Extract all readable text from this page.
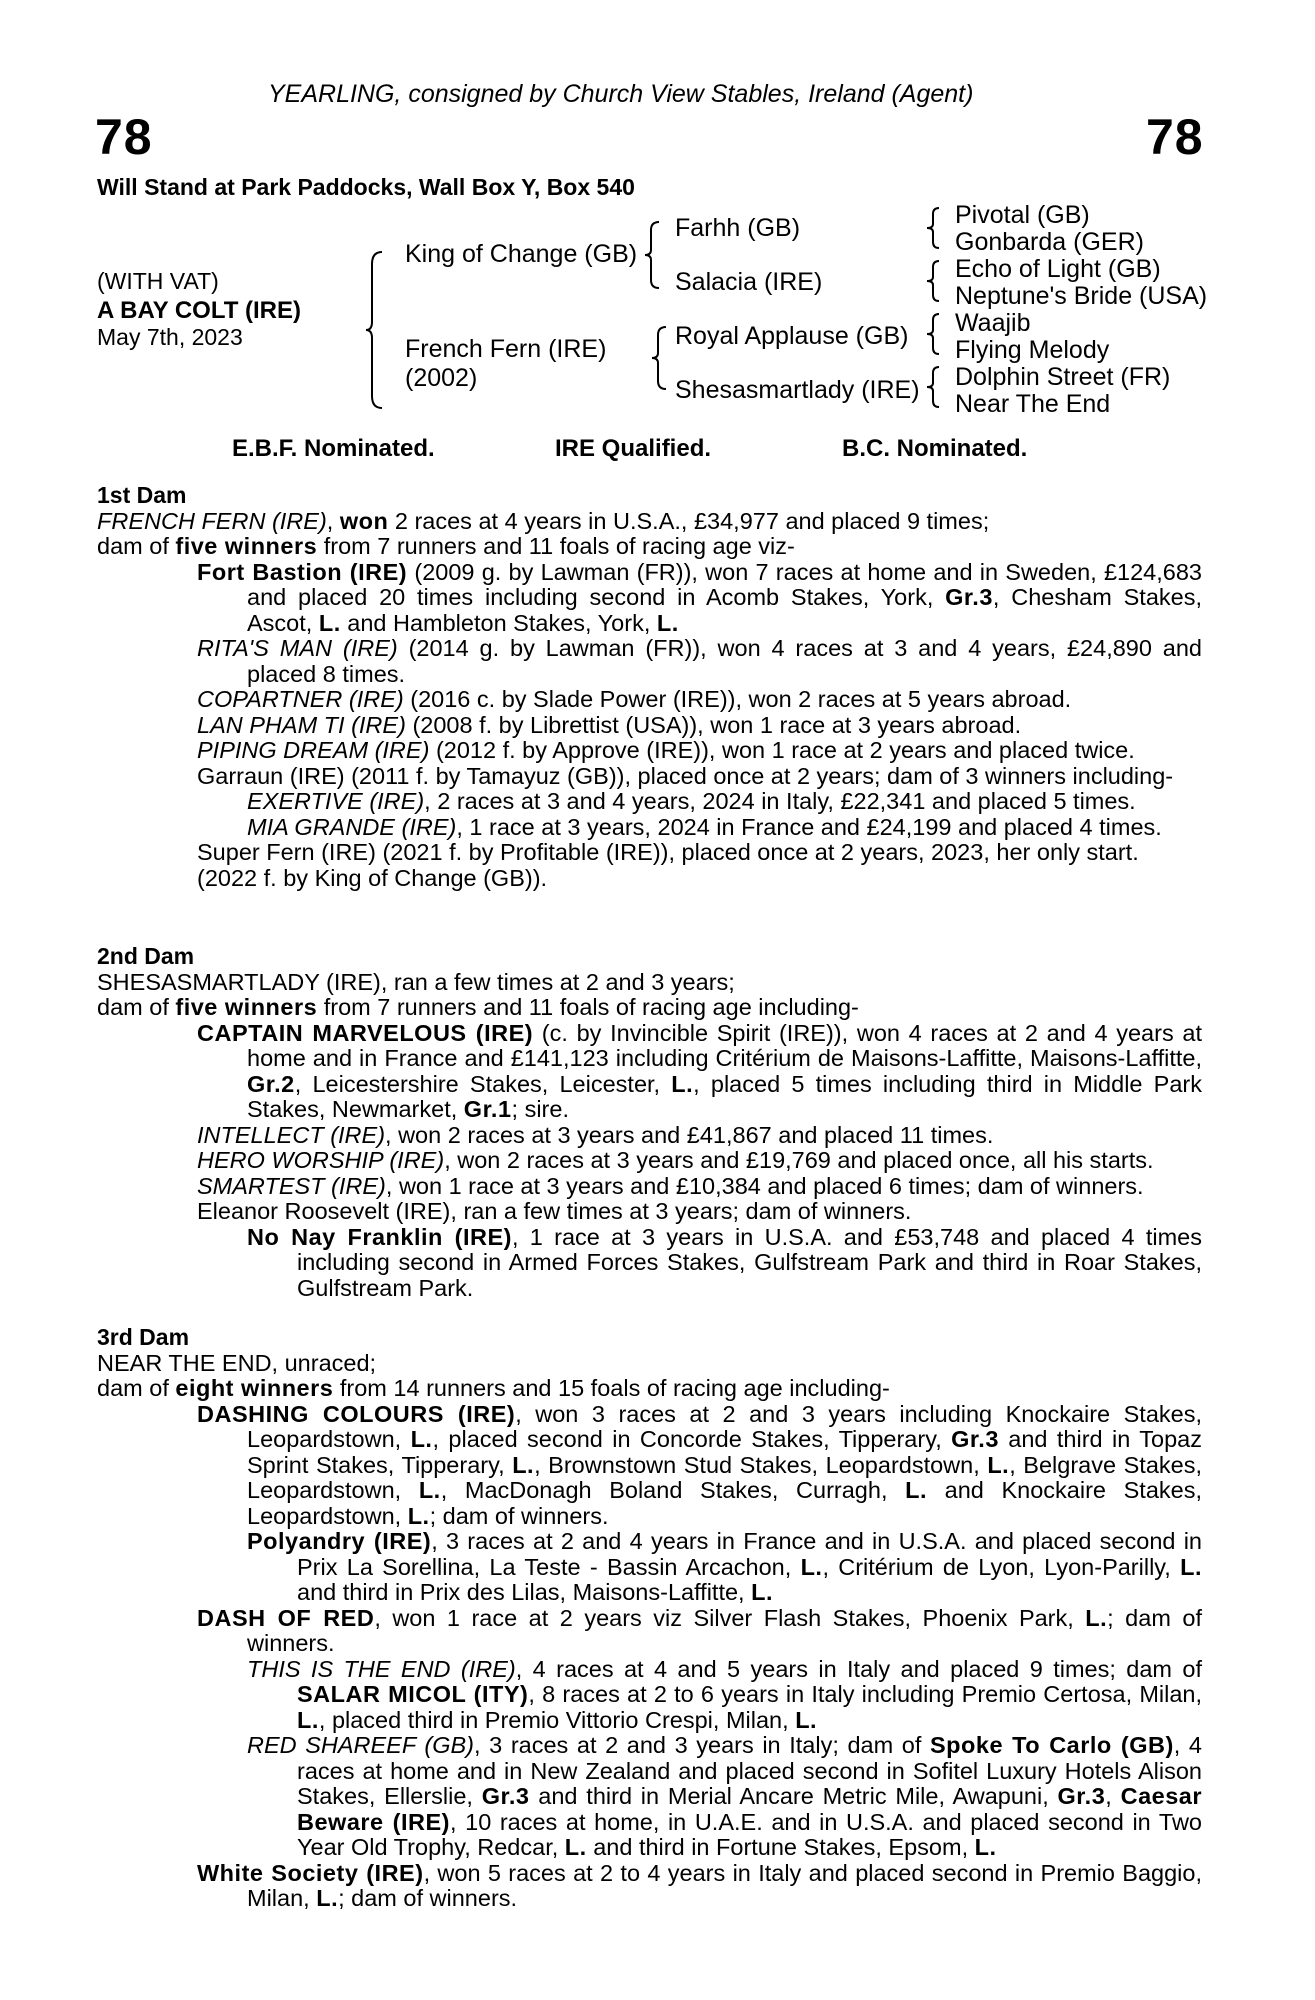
YEARLING, consigned by Church View Stables, Ireland (Agent)
78	78
Will Stand at Park Paddocks, Wall Box Y, Box 540
(WITH VAT)
A BAY COLT (IRE)
May 7th, 2023
King of Change (GB)
French Fern (IRE)
(2002)
Farhh (GB)
Salacia (IRE)
Royal Applause (GB)
Shesasmartlady (IRE)
Pivotal (GB)
Gonbarda (GER)
Echo of Light (GB)
Neptune's Bride (USA)
Waajib
Flying Melody
Dolphin Street (FR)
Near The End
E.B.F. Nominated.	IRE Qualified.	B.C. Nominated.

1st Dam

FRENCH FERN (IRE), won 2 races at 4 years in U.S.A., £34,977 and placed 9 times;

dam of five winners from 7 runners and 11 foals of racing age viz-

Fort Bastion (IRE) (2009 g. by Lawman (FR)), won 7 races at home and in Sweden, £124,683 and placed 20 times including second in Acomb Stakes, York, Gr.3, Chesham Stakes, Ascot, L. and Hambleton Stakes, York, L.

RITA'S MAN (IRE) (2014 g. by Lawman (FR)), won 4 races at 3 and 4 years, £24,890 and placed 8 times.

COPARTNER (IRE) (2016 c. by Slade Power (IRE)), won 2 races at 5 years abroad.

LAN PHAM TI (IRE) (2008 f. by Librettist (USA)), won 1 race at 3 years abroad.

PIPING DREAM (IRE) (2012 f. by Approve (IRE)), won 1 race at 2 years and placed twice.

Garraun (IRE) (2011 f. by Tamayuz (GB)), placed once at 2 years; dam of 3 winners including-

EXERTIVE (IRE), 2 races at 3 and 4 years, 2024 in Italy, £22,341 and placed 5 times.

MIA GRANDE (IRE), 1 race at 3 years, 2024 in France and £24,199 and placed 4 times.

Super Fern (IRE) (2021 f. by Profitable (IRE)), placed once at 2 years, 2023, her only start.

(2022 f. by King of Change (GB)).

2nd Dam

SHESASMARTLADY (IRE), ran a few times at 2 and 3 years;

dam of five winners from 7 runners and 11 foals of racing age including-

CAPTAIN MARVELOUS (IRE) (c. by Invincible Spirit (IRE)), won 4 races at 2 and 4 years at home and in France and £141,123 including Critérium de Maisons-Laffitte, Maisons-Laffitte, Gr.2, Leicestershire Stakes, Leicester, L., placed 5 times including third in Middle Park Stakes, Newmarket, Gr.1; sire.

INTELLECT (IRE), won 2 races at 3 years and £41,867 and placed 11 times.

HERO WORSHIP (IRE), won 2 races at 3 years and £19,769 and placed once, all his starts.

SMARTEST (IRE), won 1 race at 3 years and £10,384 and placed 6 times; dam of winners.

Eleanor Roosevelt (IRE), ran a few times at 3 years; dam of winners.

No Nay Franklin (IRE), 1 race at 3 years in U.S.A. and £53,748 and placed 4 times including second in Armed Forces Stakes, Gulfstream Park and third in Roar Stakes, Gulfstream Park.

3rd Dam

NEAR THE END, unraced;

dam of eight winners from 14 runners and 15 foals of racing age including-

DASHING COLOURS (IRE), won 3 races at 2 and 3 years including Knockaire Stakes, Leopardstown, L., placed second in Concorde Stakes, Tipperary, Gr.3 and third in Topaz Sprint Stakes, Tipperary, L., Brownstown Stud Stakes, Leopardstown, L., Belgrave Stakes, Leopardstown, L., MacDonagh Boland Stakes, Curragh, L. and Knockaire Stakes, Leopardstown, L.; dam of winners.

Polyandry (IRE), 3 races at 2 and 4 years in France and in U.S.A. and placed second in Prix La Sorellina, La Teste - Bassin Arcachon, L., Critérium de Lyon, Lyon-Parilly, L. and third in Prix des Lilas, Maisons-Laffitte, L.

DASH OF RED, won 1 race at 2 years viz Silver Flash Stakes, Phoenix Park, L.; dam of winners.

THIS IS THE END (IRE), 4 races at 4 and 5 years in Italy and placed 9 times; dam of SALAR MICOL (ITY), 8 races at 2 to 6 years in Italy including Premio Certosa, Milan, L., placed third in Premio Vittorio Crespi, Milan, L.

RED SHAREEF (GB), 3 races at 2 and 3 years in Italy; dam of Spoke To Carlo (GB), 4 races at home and in New Zealand and placed second in Sofitel Luxury Hotels Alison Stakes, Ellerslie, Gr.3 and third in Merial Ancare Metric Mile, Awapuni, Gr.3, Caesar Beware (IRE), 10 races at home, in U.A.E. and in U.S.A. and placed second in Two Year Old Trophy, Redcar, L. and third in Fortune Stakes, Epsom, L.

White Society (IRE), won 5 races at 2 to 4 years in Italy and placed second in Premio Baggio, Milan, L.; dam of winners.
